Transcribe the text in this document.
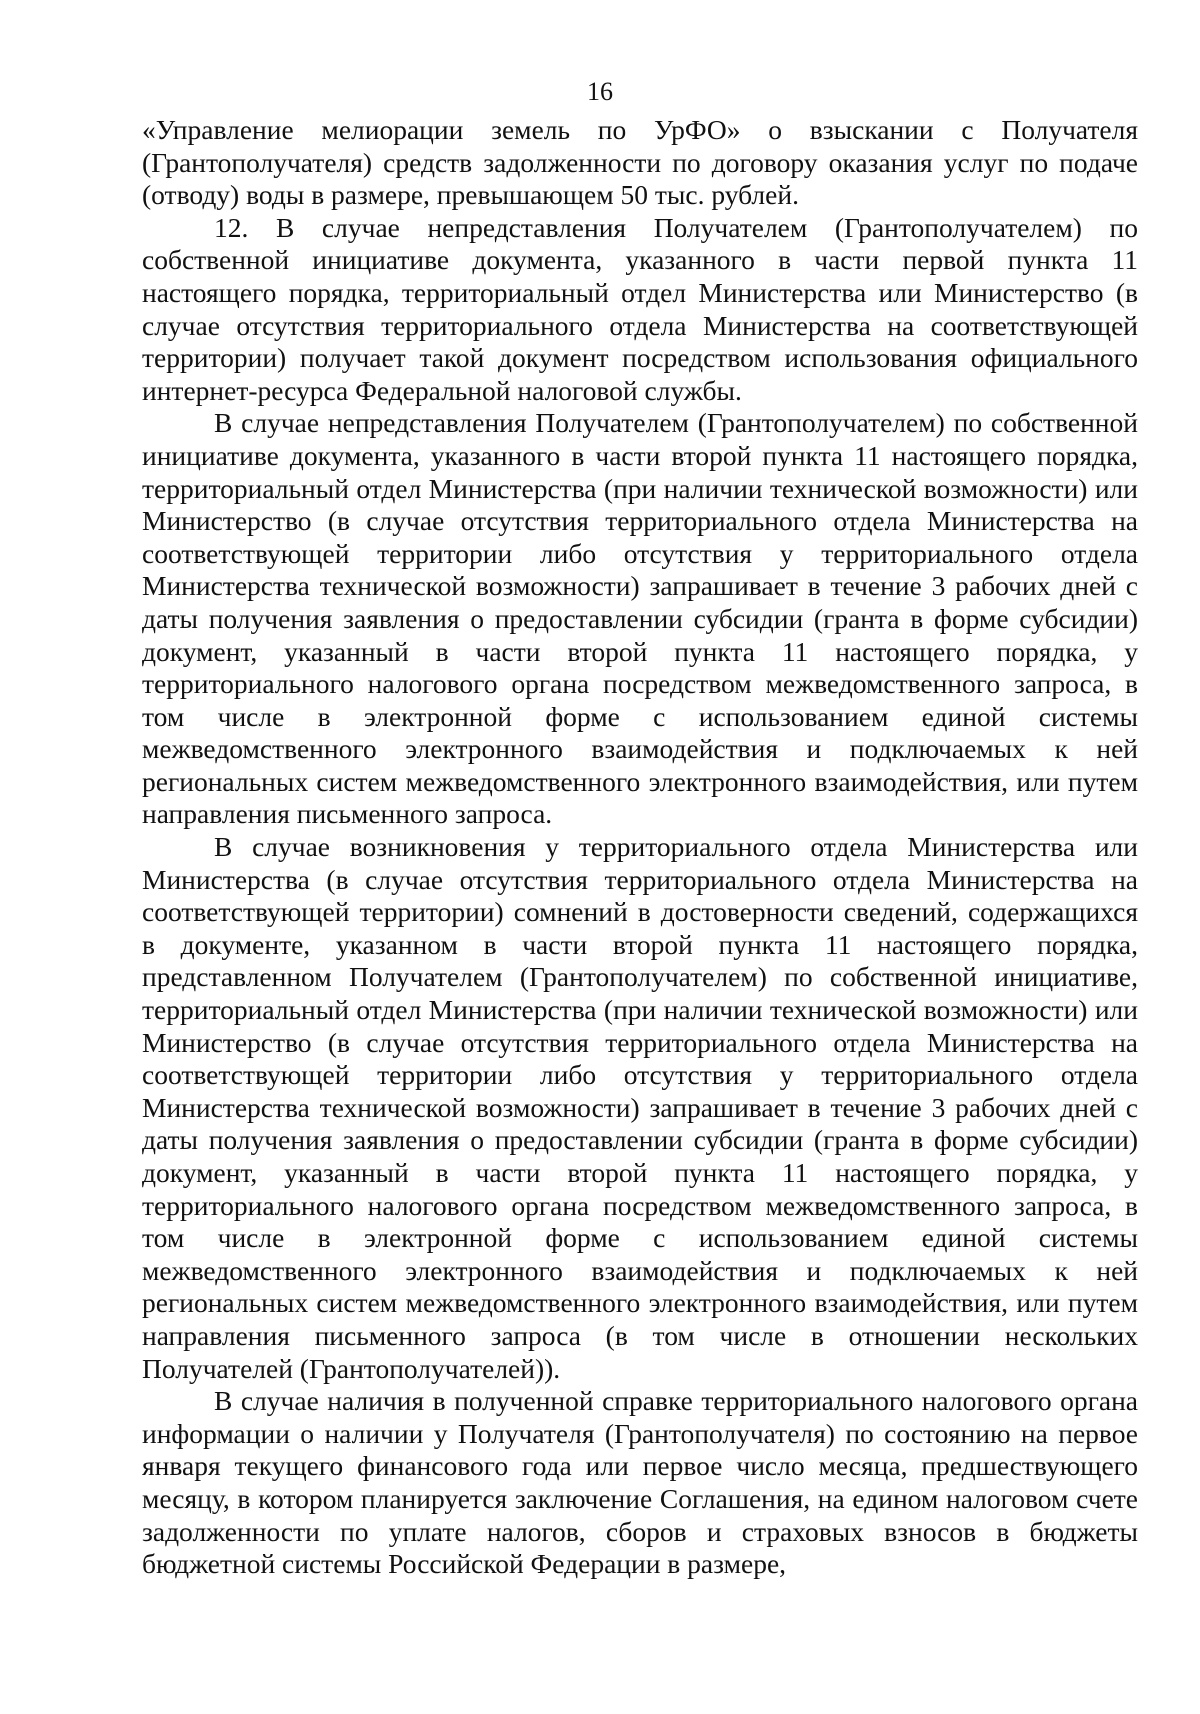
16

«Управление мелиорации земель по УрФО» о взыскании с Получателя (Грантополучателя) средств задолженности по договору оказания услуг по подаче (отводу) воды в размере, превышающем 50 тыс. рублей.

12. В случае непредставления Получателем (Грантополучателем) по собственной инициативе документа, указанного в части первой пункта 11 настоящего порядка, территориальный отдел Министерства или Министерство (в случае отсутствия территориального отдела Министерства на соответствующей территории) получает такой документ посредством использования официального интернет-ресурса Федеральной налоговой службы.

В случае непредставления Получателем (Грантополучателем) по собственной инициативе документа, указанного в части второй пункта 11 настоящего порядка, территориальный отдел Министерства (при наличии технической возможности) или Министерство (в случае отсутствия территориального отдела Министерства на соответствующей территории либо отсутствия у территориального отдела Министерства технической возможности) запрашивает в течение 3 рабочих дней с даты получения заявления о предоставлении субсидии (гранта в форме субсидии) документ, указанный в части второй пункта 11 настоящего порядка, у территориального налогового органа посредством межведомственного запроса, в том числе в электронной форме с использованием единой системы межведомственного электронного взаимодействия и подключаемых к ней региональных систем межведомственного электронного взаимодействия, или путем направления письменного запроса.

В случае возникновения у территориального отдела Министерства или Министерства (в случае отсутствия территориального отдела Министерства на соответствующей территории) сомнений в достоверности сведений, содержащихся в документе, указанном в части второй пункта 11 настоящего порядка, представленном Получателем (Грантополучателем) по собственной инициативе, территориальный отдел Министерства (при наличии технической возможности) или Министерство (в случае отсутствия территориального отдела Министерства на соответствующей территории либо отсутствия у территориального отдела Министерства технической возможности) запрашивает в течение 3 рабочих дней с даты получения заявления о предоставлении субсидии (гранта в форме субсидии) документ, указанный в части второй пункта 11 настоящего порядка, у территориального налогового органа посредством межведомственного запроса, в том числе в электронной форме с использованием единой системы межведомственного электронного взаимодействия и подключаемых к ней региональных систем межведомственного электронного взаимодействия, или путем направления письменного запроса (в том числе в отношении нескольких Получателей (Грантополучателей)).

В случае наличия в полученной справке территориального налогового органа информации о наличии у Получателя (Грантополучателя) по состоянию на первое января текущего финансового года или первое число месяца, предшествующего месяцу, в котором планируется заключение Соглашения, на едином налоговом счете задолженности по уплате налогов, сборов и страховых взносов в бюджеты бюджетной системы Российской Федерации в размере,
